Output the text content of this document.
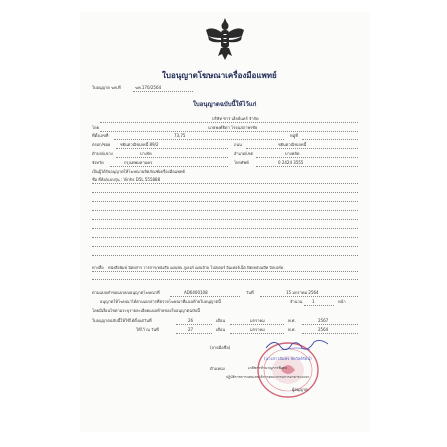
ใบอนุญาตโฆษณาเครื่องมือแพทย์
ใบอนุญาต ฆพ.ที่	ฆพ.170/2564
ใบอนุญาตฉบับนี้ให้ไว้แก่
บริษัท ซาร่ เฮ้ลธ์แคร์ จำกัด
โดย	นายพงศ์ธิดา โรจนสถาพรชัย
ที่ตั้งเลขที่	73,75	หมู่ที่
ตรอก/ซอย ชยันตวณิชเลหนี้ 89/2	ถนน	ชยันตวณิชเลหนี้
ตำบล/แขวง	บางจัด	อำเภอ/เขต	บางพลัด
จังหวัด	กรุงเทพมหานคร	โทรศัพท์	0 2424 3555
เป็นผู้ได้รับอนุญาตให้โฆษณาผลิตภัณฑ์เครื่องมือแพทย์
ชื่อ ยี่ห้อ/แบบรุ่น : Vinhs D5L 555888
ทางสื่อ หนังสือพิมพ์ นิตยสาร วารสาร/หนังสือ แผ่นพับ ภูเธอร์ แผ่นป้าย โปสเตอร์ อินเทอร์เน็ต ฟิตเทสบนบีท บิลบอร์ด
ตามแบบคำขอแบบบบอนุญาตโฆษณาที่	AD6400108	วันที่	15 มกราคม 2564
อนุญาตให้โฆษณาได้ตามเอกสารที่ตรวจโฆษณาที่แนบท้ายใบอนุญาตนี้	จำนวน 1	หน้า
โดยมีเงื่อนไขตามระบุรายละเอียดแนบท้ายของใบอนุญาตฉบับนี้
ใบอนุญาตฉบับนี้ให้ใช้ได้ตั้งแต่วันที่	26	เดือน	มกราคม	พ.ศ.	2567
ให้ไว้ ณ วันที่	27	เดือน	มกราคม	พ.ศ.	2564
(ลายมือชื่อ)
(นางสาวอัมพร ลัดวัลย์รัตน์)
ตำแหน่ง	เภสัชกรชำนาญการพิเศษ
ปฏิบัติราชการแทนเลขาธิการคณะกรรมการอาหารและยา
ผู้อนุญาต
